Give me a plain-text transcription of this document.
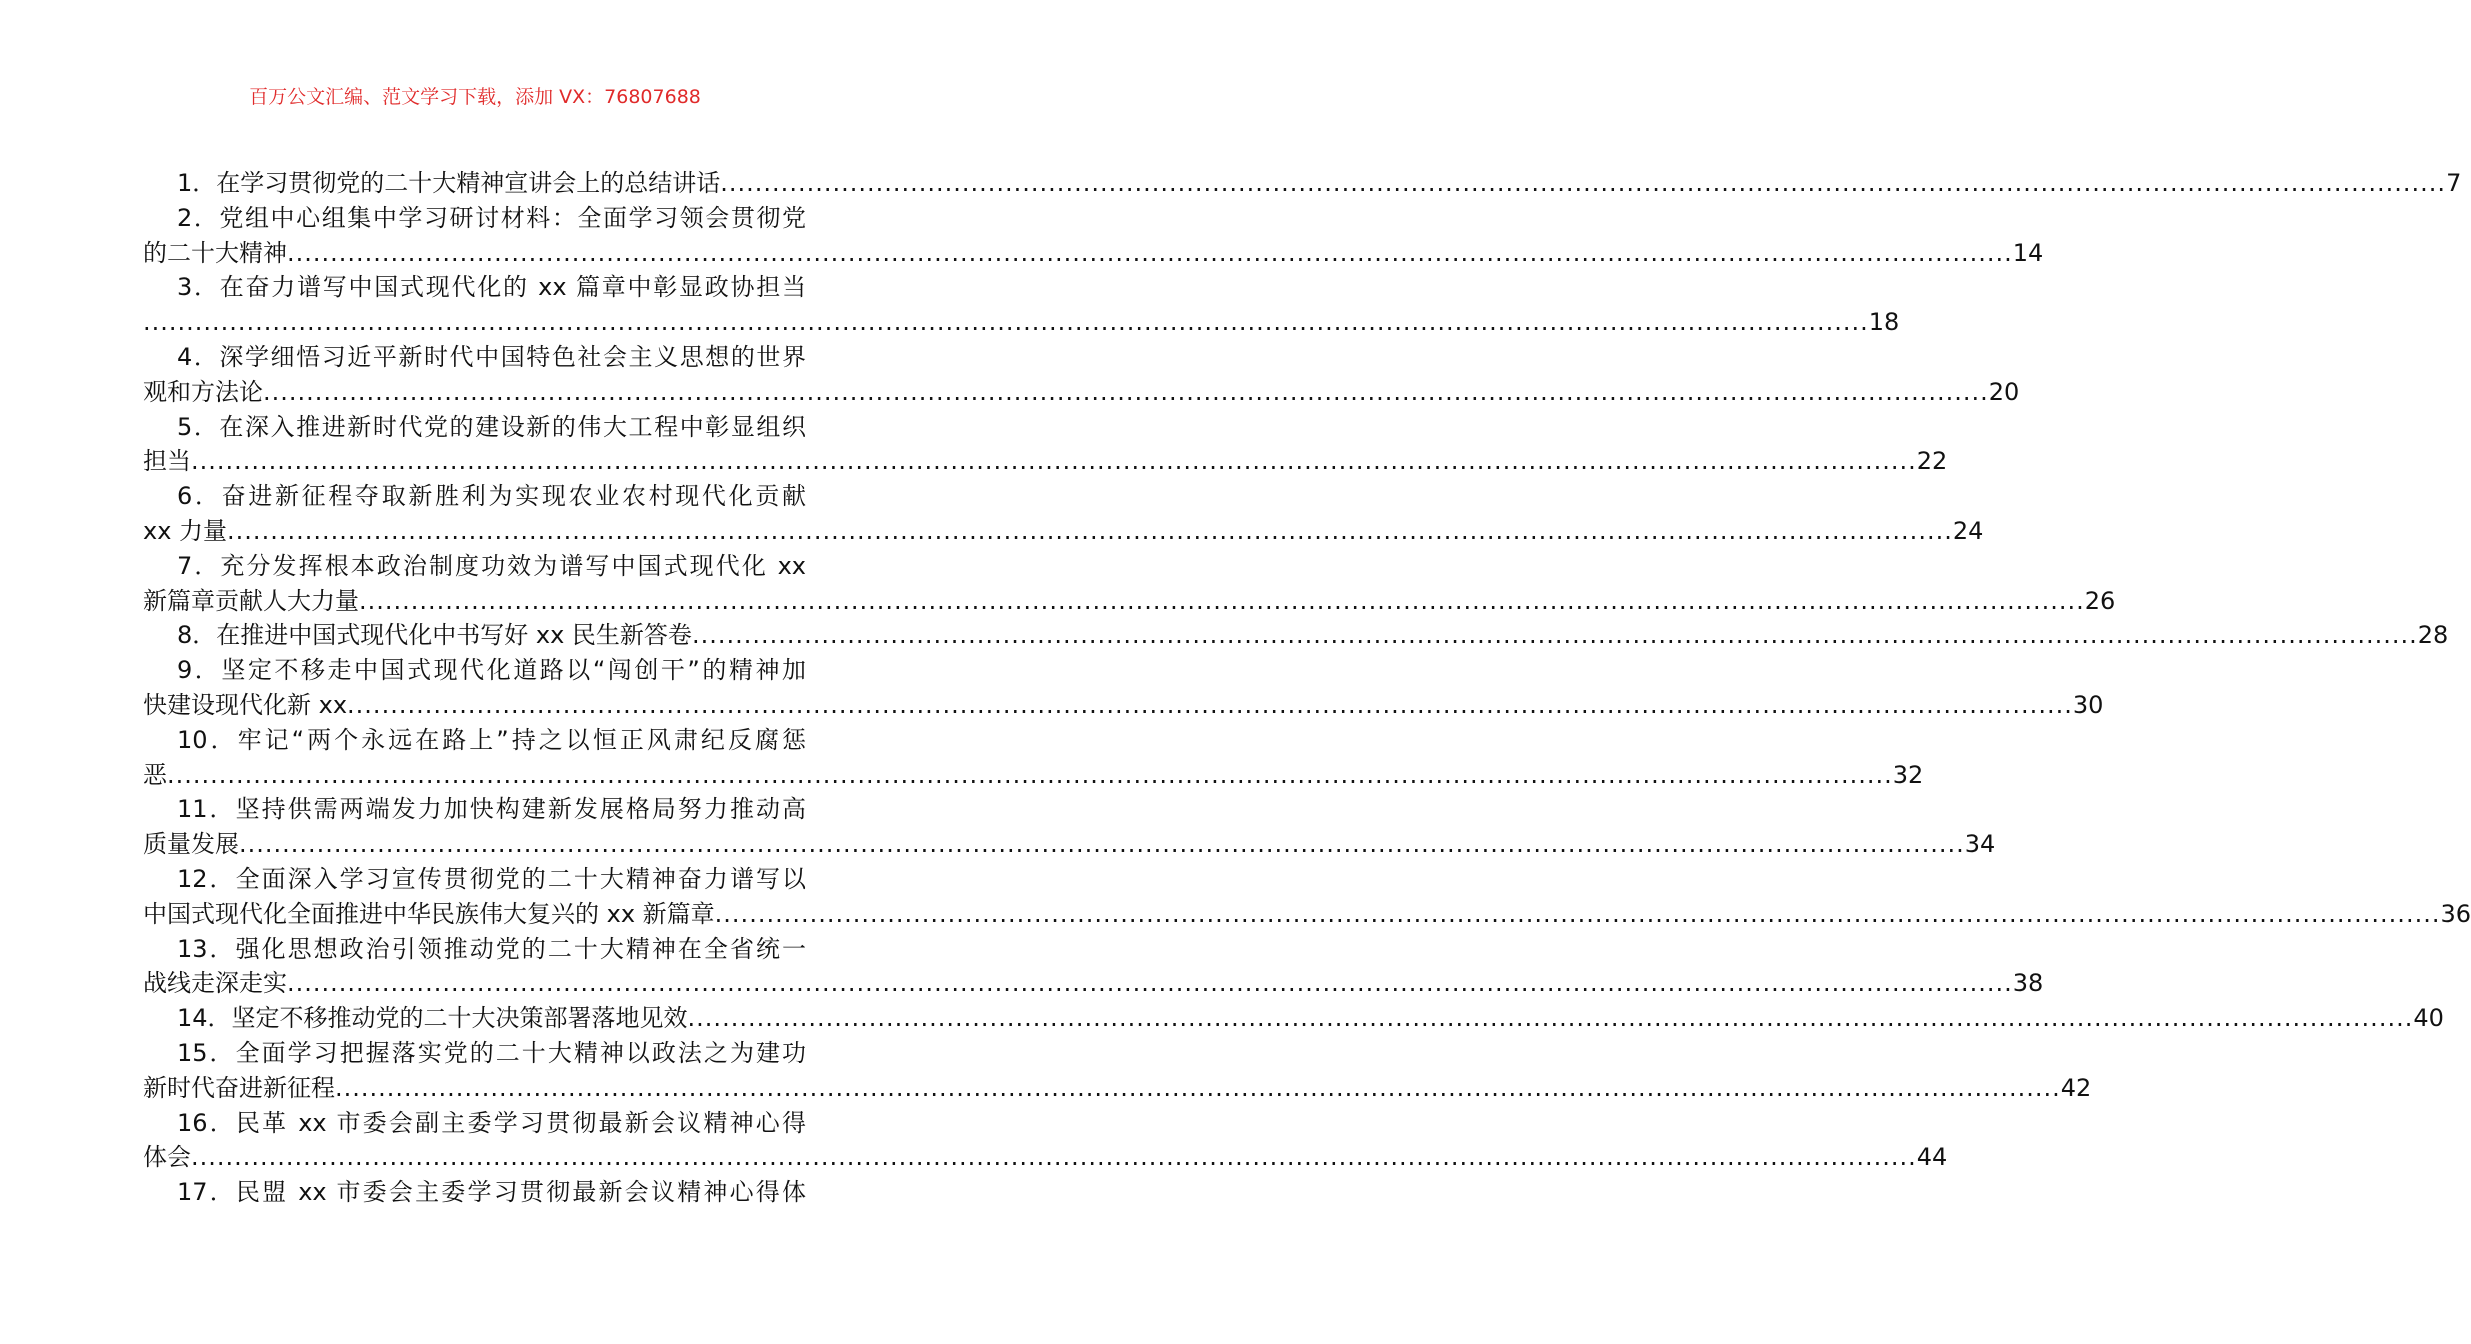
百万公文汇编、范文学习下载，添加 VX：76807688
1．在学习贯彻党的二十大精神宣讲会上的总结讲话 ........................................................................................................................................................................................................ 7
2．党组中心组集中学习研讨材料：全面学习领会贯彻党
的二十大精神 ........................................................................................................................................................................................................ 14
3．在奋力谱写中国式现代化的 xx 篇章中彰显政协担当
........................................................................................................................................................................................................ 18
4．深学细悟习近平新时代中国特色社会主义思想的世界
观和方法论 ........................................................................................................................................................................................................ 20
5．在深入推进新时代党的建设新的伟大工程中彰显组织
担当 ........................................................................................................................................................................................................ 22
6．奋进新征程夺取新胜利为实现农业农村现代化贡献
xx 力量 ........................................................................................................................................................................................................ 24
7．充分发挥根本政治制度功效为谱写中国式现代化 xx
新篇章贡献人大力量 ........................................................................................................................................................................................................ 26
8．在推进中国式现代化中书写好 xx 民生新答卷 ........................................................................................................................................................................................................ 28
9．坚定不移走中国式现代化道路以“闯创干”的精神加
快建设现代化新 xx ........................................................................................................................................................................................................ 30
10．牢记“两个永远在路上”持之以恒正风肃纪反腐惩
恶 ........................................................................................................................................................................................................ 32
11．坚持供需两端发力加快构建新发展格局努力推动高
质量发展 ........................................................................................................................................................................................................ 34
12．全面深入学习宣传贯彻党的二十大精神奋力谱写以
中国式现代化全面推进中华民族伟大复兴的 xx 新篇章 ........................................................................................................................................................................................................ 36
13．强化思想政治引领推动党的二十大精神在全省统一
战线走深走实 ........................................................................................................................................................................................................ 38
14．坚定不移推动党的二十大决策部署落地见效 ........................................................................................................................................................................................................ 40
15．全面学习把握落实党的二十大精神以政法之为建功
新时代奋进新征程 ........................................................................................................................................................................................................ 42
16．民革 xx 市委会副主委学习贯彻最新会议精神心得
体会 ........................................................................................................................................................................................................ 44
17．民盟 xx 市委会主委学习贯彻最新会议精神心得体
